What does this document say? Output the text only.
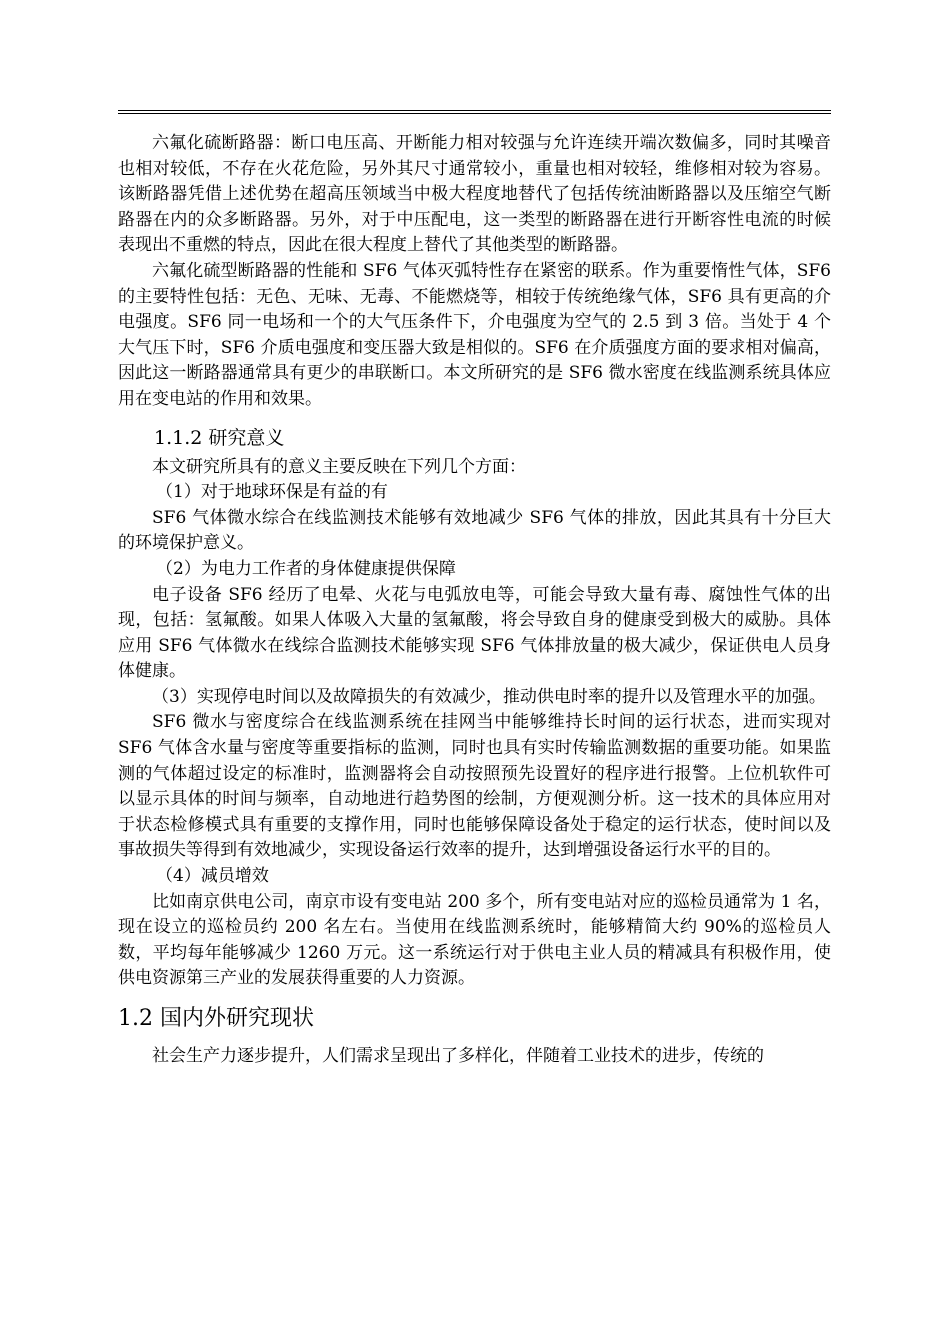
六氟化硫断路器：断口电压高、开断能力相对较强与允许连续开端次数偏多，同时其噪音也相对较低，不存在火花危险，另外其尺寸通常较小，重量也相对较轻，维修相对较为容易。该断路器凭借上述优势在超高压领域当中极大程度地替代了包括传统油断路器以及压缩空气断路器在内的众多断路器。另外，对于中压配电，这一类型的断路器在进行开断容性电流的时候表现出不重燃的特点，因此在很大程度上替代了其他类型的断路器。

六氟化硫型断路器的性能和 SF6 气体灭弧特性存在紧密的联系。作为重要惰性气体，SF6 的主要特性包括：无色、无味、无毒、不能燃烧等，相较于传统绝缘气体，SF6 具有更高的介电强度。SF6 同一电场和一个的大气压条件下，介电强度为空气的 2.5 到 3 倍。当处于 4 个大气压下时，SF6 介质电强度和变压器大致是相似的。SF6 在介质强度方面的要求相对偏高，因此这一断路器通常具有更少的串联断口。本文所研究的是 SF6 微水密度在线监测系统具体应用在变电站的作用和效果。

1.1.2 研究意义

本文研究所具有的意义主要反映在下列几个方面：

（1）对于地球环保是有益的有

SF6 气体微水综合在线监测技术能够有效地减少 SF6 气体的排放，因此其具有十分巨大的环境保护意义。

（2）为电力工作者的身体健康提供保障

电子设备 SF6 经历了电晕、火花与电弧放电等，可能会导致大量有毒、腐蚀性气体的出现，包括：氢氟酸。如果人体吸入大量的氢氟酸，将会导致自身的健康受到极大的威胁。具体应用 SF6 气体微水在线综合监测技术能够实现 SF6 气体排放量的极大减少，保证供电人员身体健康。

（3）实现停电时间以及故障损失的有效减少，推动供电时率的提升以及管理水平的加强。

SF6 微水与密度综合在线监测系统在挂网当中能够维持长时间的运行状态，进而实现对 SF6 气体含水量与密度等重要指标的监测，同时也具有实时传输监测数据的重要功能。如果监测的气体超过设定的标准时，监测器将会自动按照预先设置好的程序进行报警。上位机软件可以显示具体的时间与频率，自动地进行趋势图的绘制，方便观测分析。这一技术的具体应用对于状态检修模式具有重要的支撑作用，同时也能够保障设备处于稳定的运行状态，使时间以及事故损失等得到有效地减少，实现设备运行效率的提升，达到增强设备运行水平的目的。

（4）减员增效

比如南京供电公司，南京市设有变电站 200 多个，所有变电站对应的巡检员通常为 1 名，现在设立的巡检员约 200 名左右。当使用在线监测系统时，能够精简大约 90%的巡检员人数，平均每年能够减少 1260 万元。这一系统运行对于供电主业人员的精减具有积极作用，使供电资源第三产业的发展获得重要的人力资源。

1.2 国内外研究现状

社会生产力逐步提升，人们需求呈现出了多样化，伴随着工业技术的进步，传统的
